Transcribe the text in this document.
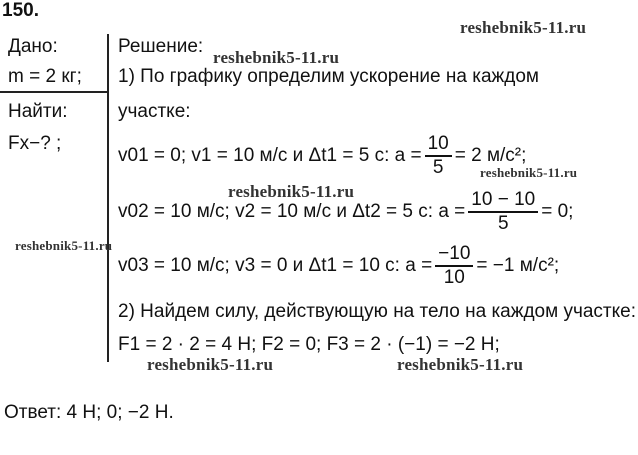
150.
Дано:
m = 2 кг;
Найти:
Fx−? ;
Решение:
1) По графику определим ускорение на каждом
участке:
v01 = 0; v1 = 10 м/с и Δt1 = 5 с: $a = \frac{10}{5} = 2$ м/с²;
v02 = 10 м/с; v2 = 10 м/с и Δt2 = 5 с: $a = \frac{10 - 10}{5} = 0$;
v03 = 10 м/с; v3 = 0 и Δt1 = 10 с: $a = \frac{-10}{10} = -1$ м/с²;
2) Найдем силу, действующую на тело на каждом участке:
F1 = 2 · 2 = 4 Н; F2 = 0; F3 = 2 · (−1) = −2 Н;
Ответ: 4 Н; 0; −2 Н.
reshebnik5-11.ru
reshebnik5-11.ru
reshebnik5-11.ru
reshebnik5-11.ru
reshebnik5-11.ru
reshebnik5-11.ru	reshebnik5-11.ru
